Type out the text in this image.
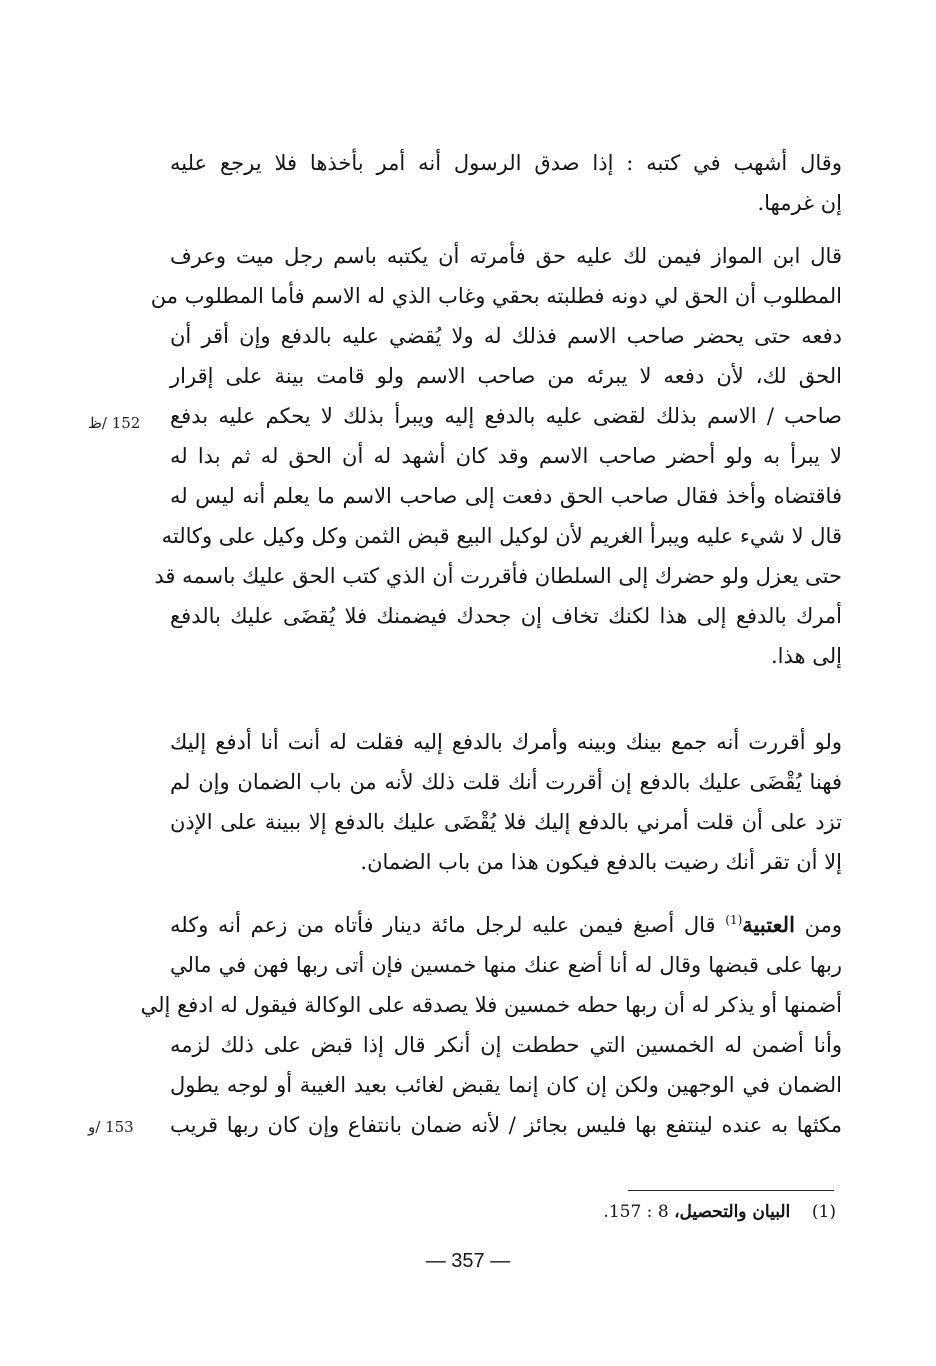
وقال أشهب في كتبه : إذا صدق الرسول أنه أمر بأخذها فلا يرجع عليه
إن غرمها.

قال ابن المواز فيمن لك عليه حق فأمرته أن يكتبه باسم رجل ميت وعرف
المطلوب أن الحق لي دونه فطلبته بحقي وغاب الذي له الاسم فأما المطلوب من
دفعه حتى يحضر صاحب الاسم فذلك له ولا يُقضي عليه بالدفع وإن أقر أن
الحق لك، لأن دفعه لا يبرئه من صاحب الاسم ولو قامت بينة على إقرار
صاحب / الاسم بذلك لقضى عليه بالدفع إليه ويبرأ بذلك لا يحكم عليه بدفع
لا يبرأ به ولو أحضر صاحب الاسم وقد كان أشهد له أن الحق له ثم بدا له
فاقتضاه وأخذ فقال صاحب الحق دفعت إلى صاحب الاسم ما يعلم أنه ليس له
قال لا شيء عليه ويبرأ الغريم لأن لوكيل البيع قبض الثمن وكل وكيل على وكالته
حتى يعزل ولو حضرك إلى السلطان فأقررت أن الذي كتب الحق عليك باسمه قد
أمرك بالدفع إلى هذا لكنك تخاف إن جحدك فيضمنك فلا يُقضَى عليك بالدفع
إلى هذا.

ولو أقررت أنه جمع بينك وبينه وأمرك بالدفع إليه فقلت له أنت أنا أدفع إليك
فهنا يُقْضَى عليك بالدفع إن أقررت أنك قلت ذلك لأنه من باب الضمان وإن لم
تزد على أن قلت أمرني بالدفع إليك فلا يُقْضَى عليك بالدفع إلا ببينة على الإذن
إلا أن تقر أنك رضيت بالدفع فيكون هذا من باب الضمان.

ومن العتبية$^{(1)}$ قال أصبغ فيمن عليه لرجل مائة دينار فأتاه من زعم أنه وكله
ربها على قبضها وقال له أنا أضع عنك منها خمسين فإن أتى ربها فهن في مالي
أضمنها أو يذكر له أن ربها حطه خمسين فلا يصدقه على الوكالة فيقول له ادفع إلي
وأنا أضمن له الخمسين التي حططت إن أنكر قال إذا قبض على ذلك لزمه
الضمان في الوجهين ولكن إن كان إنما يقبض لغائب بعيد الغيبة أو لوجه يطول
مكثها به عنده لينتفع بها فليس بجائز / لأنه ضمان بانتفاع وإن كان ربها قريب

152 /ظ
153 /و
(1)    البيان والتحصيل، 8 : 157.
— 357 —
